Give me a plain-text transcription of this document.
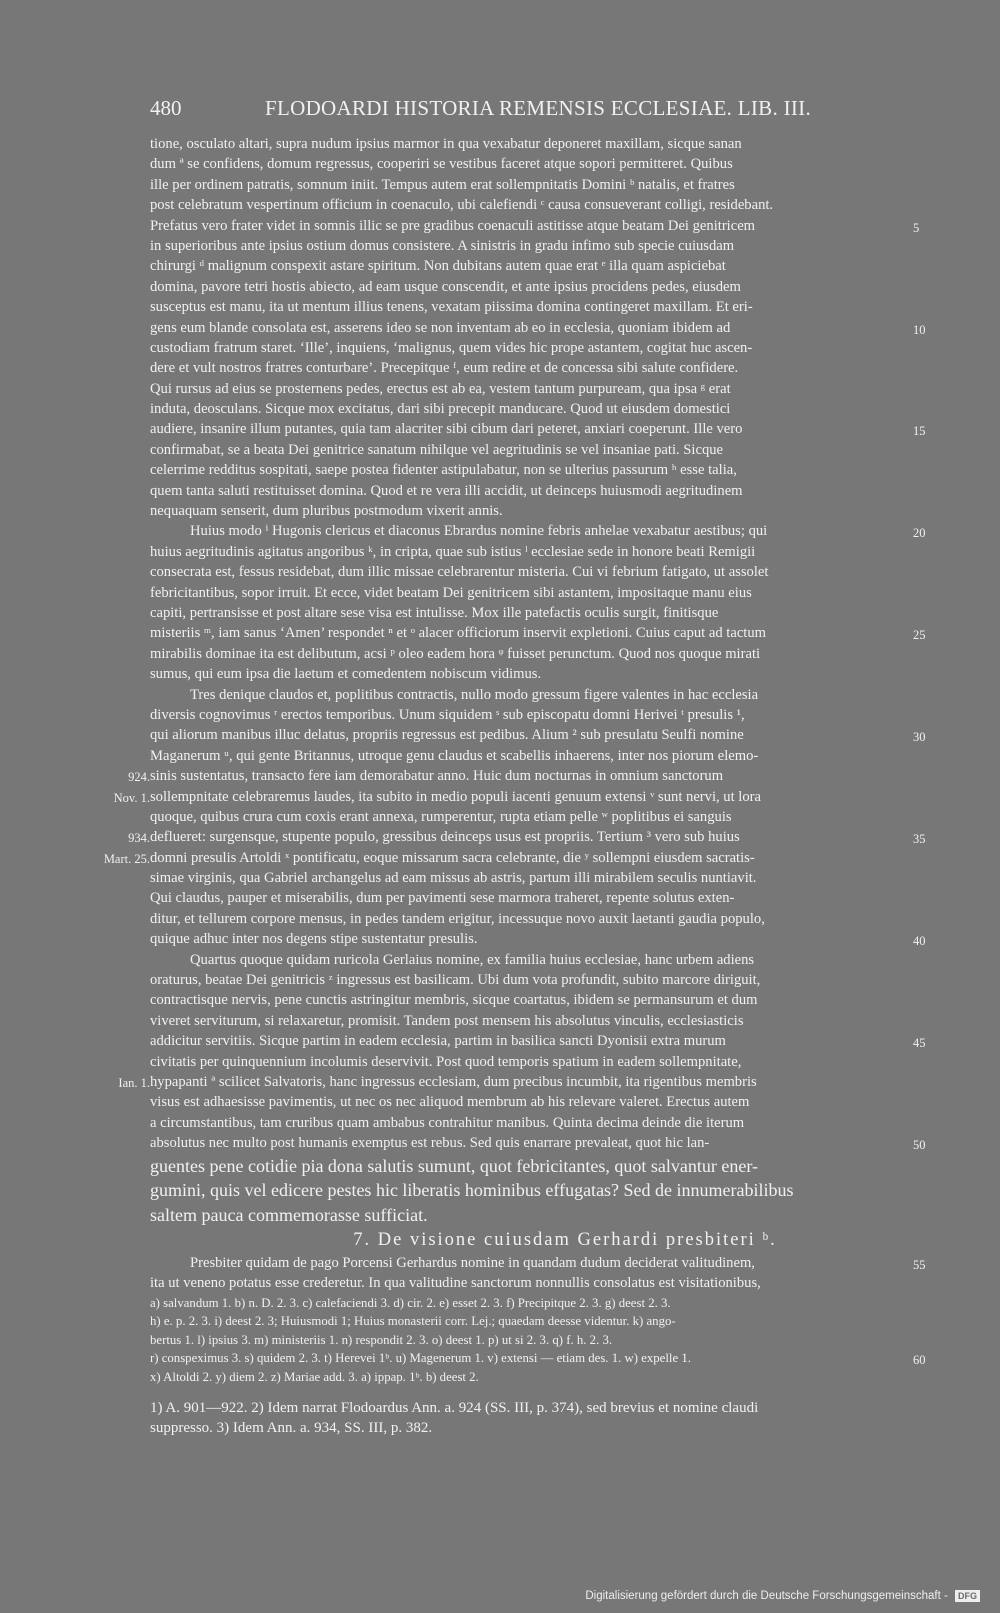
480	FLODOARDI HISTORIA REMENSIS ECCLESIAE. LIB. III.
tione, osculato altari, supra nudum ipsius marmor in qua vexabatur deponeret maxillam, sicque sanan
dum ª se confidens, domum regressus, cooperiri se vestibus faceret atque sopori permitteret. Quibus
ille per ordinem patratis, somnum iniit. Tempus autem erat sollempnitatis Domini ᵇ natalis, et fratres
post celebratum vespertinum officium in coenaculo, ubi calefiendi ᶜ causa consueverant colligi, residebant.
Prefatus vero frater videt in somnis illic se pre gradibus coenaculi astitisse atque beatam Dei genitricem	5
in superioribus ante ipsius ostium domus consistere. A sinistris in gradu infimo sub specie cuiusdam
chirurgi ᵈ malignum conspexit astare spiritum. Non dubitans autem quae erat ᵉ illa quam aspiciebat
domina, pavore tetri hostis abiecto, ad eam usque conscendit, et ante ipsius procidens pedes, eiusdem
susceptus est manu, ita ut mentum illius tenens, vexatam piissima domina contingeret maxillam. Et eri-
gens eum blande consolata est, asserens ideo se non inventam ab eo in ecclesia, quoniam ibidem ad	10
custodiam fratrum staret. ‘Ille’, inquiens, ‘malignus, quem vides hic prope astantem, cogitat huc ascen-
dere et vult nostros fratres conturbare’. Precepitque ᶠ, eum redire et de concessa sibi salute confidere.
Qui rursus ad eius se prosternens pedes, erectus est ab ea, vestem tantum purpuream, qua ipsa ᵍ erat
induta, deosculans. Sicque mox excitatus, dari sibi precepit manducare. Quod ut eiusdem domestici
audiere, insanire illum putantes, quia tam alacriter sibi cibum dari peteret, anxiari coeperunt. Ille vero	15
confirmabat, se a beata Dei genitrice sanatum nihilque vel aegritudinis se vel insaniae pati. Sicque
celerrime redditus sospitati, saepe postea fidenter astipulabatur, non se ulterius passurum ʰ esse talia,
quem tanta saluti restituisset domina. Quod et re vera illi accidit, ut deinceps huiusmodi aegritudinem
nequaquam senserit, dum pluribus postmodum vixerit annis.
Huius modo ⁱ Hugonis clericus et diaconus Ebrardus nomine febris anhelae vexabatur aestibus; qui	20
huius aegritudinis agitatus angoribus ᵏ, in cripta, quae sub istius ˡ ecclesiae sede in honore beati Remigii
consecrata est, fessus residebat, dum illic missae celebrarentur misteria. Cui vi febrium fatigato, ut assolet
febricitantibus, sopor irruit. Et ecce, videt beatam Dei genitricem sibi astantem, impositaque manu eius
capiti, pertransisse et post altare sese visa est intulisse. Mox ille patefactis oculis surgit, finitisque
misteriis ᵐ, iam sanus ‘Amen’ respondet ⁿ et ᵒ alacer officiorum inservit expletioni. Cuius caput ad tactum	25
mirabilis dominae ita est delibutum, acsi ᵖ oleo eadem hora ᵠ fuisset perunctum. Quod nos quoque mirati
sumus, qui eum ipsa die laetum et comedentem nobiscum vidimus.
Tres denique claudos et, poplitibus contractis, nullo modo gressum figere valentes in hac ecclesia
diversis cognovimus ʳ erectos temporibus. Unum siquidem ˢ sub episcopatu domni Herivei ᵗ presulis ¹,
qui aliorum manibus illuc delatus, propriis regressus est pedibus. Alium ² sub presulatu Seulfi nomine	30
Maganerum ᵘ, qui gente Britannus, utroque genu claudus et scabellis inhaerens, inter nos piorum elemo-
sinis sustentatus, transacto fere iam demorabatur anno. Huic dum nocturnas in omnium sanctorum
924.
sollempnitate celebraremus laudes, ita subito in medio populi iacenti genuum extensi ᵛ sunt nervi, ut lora
Nov. 1.
quoque, quibus crura cum coxis erant annexa, rumperentur, rupta etiam pelle ʷ poplitibus ei sanguis
deflueret: surgensque, stupente populo, gressibus deinceps usus est propriis. Tertium ³ vero sub huius	35
934.
domni presulis Artoldi ˣ pontificatu, eoque missarum sacra celebrante, die ʸ sollempni eiusdem sacratis-
Mart. 25.
simae virginis, qua Gabriel archangelus ad eam missus ab astris, partum illi mirabilem seculis nuntiavit.
Qui claudus, pauper et miserabilis, dum per pavimenti sese marmora traheret, repente solutus exten-
ditur, et tellurem corpore mensus, in pedes tandem erigitur, incessuque novo auxit laetanti gaudia populo,
quique adhuc inter nos degens stipe sustentatur presulis.	40
Quartus quoque quidam ruricola Gerlaius nomine, ex familia huius ecclesiae, hanc urbem adiens
oraturus, beatae Dei genitricis ᶻ ingressus est basilicam. Ubi dum vota profundit, subito marcore diriguit,
contractisque nervis, pene cunctis astringitur membris, sicque coartatus, ibidem se permansurum et dum
viveret serviturum, si relaxaretur, promisit. Tandem post mensem his absolutus vinculis, ecclesiasticis
addicitur servitiis. Sicque partim in eadem ecclesia, partim in basilica sancti Dyonisii extra murum	45
civitatis per quinquennium incolumis deservivit. Post quod temporis spatium in eadem sollempnitate,
hypapanti ª scilicet Salvatoris, hanc ingressus ecclesiam, dum precibus incumbit, ita rigentibus membris
Ian. 1.
visus est adhaesisse pavimentis, ut nec os nec aliquod membrum ab his relevare valeret. Erectus autem
a circumstantibus, tam cruribus quam ambabus contrahitur manibus. Quinta decima deinde die iterum
absolutus nec multo post humanis exemptus est rebus. Sed quis enarrare prevaleat, quot hic lan-	50
guentes pene cotidie pia dona salutis sumunt, quot febricitantes, quot salvantur ener-
gumini, quis vel edicere pestes hic liberatis hominibus effugatas? Sed de innumerabilibus
saltem pauca commemorasse sufficiat.
7. De visione cuiusdam Gerhardi presbiteri ᵇ.
Presbiter quidam de pago Porcensi Gerhardus nomine in quandam dudum deciderat valitudinem,	55
ita ut veneno potatus esse crederetur. In qua valitudine sanctorum nonnullis consolatus est visitationibus,
a) salvandum 1. b) n. D. 2. 3. c) calefaciendi 3. d) cir. 2. e) esset 2. 3. f) Precipitque 2. 3. g) deest 2. 3.
h) e. p. 2. 3. i) deest 2. 3; Huiusmodi 1; Huius monasterii corr. Lej.; quaedam deesse videntur. k) ango-
bertus 1. l) ipsius 3. m) ministeriis 1. n) respondit 2. 3. o) deest 1. p) ut si 2. 3. q) f. h. 2. 3.
r) conspeximus 3. s) quidem 2. 3. t) Herevei 1ᵇ. u) Magenerum 1. v) extensi — etiam des. 1. w) expelle 1.	60
x) Altoldi 2. y) diem 2. z) Mariae add. 3. a) ippap. 1ᵇ. b) deest 2.
1) A. 901—922. 2) Idem narrat Flodoardus Ann. a. 924 (SS. III, p. 374), sed brevius et nomine claudi
suppresso. 3) Idem Ann. a. 934, SS. III, p. 382.
Digitalisierung gefördert durch die Deutsche Forschungsgemeinschaft - DFG
